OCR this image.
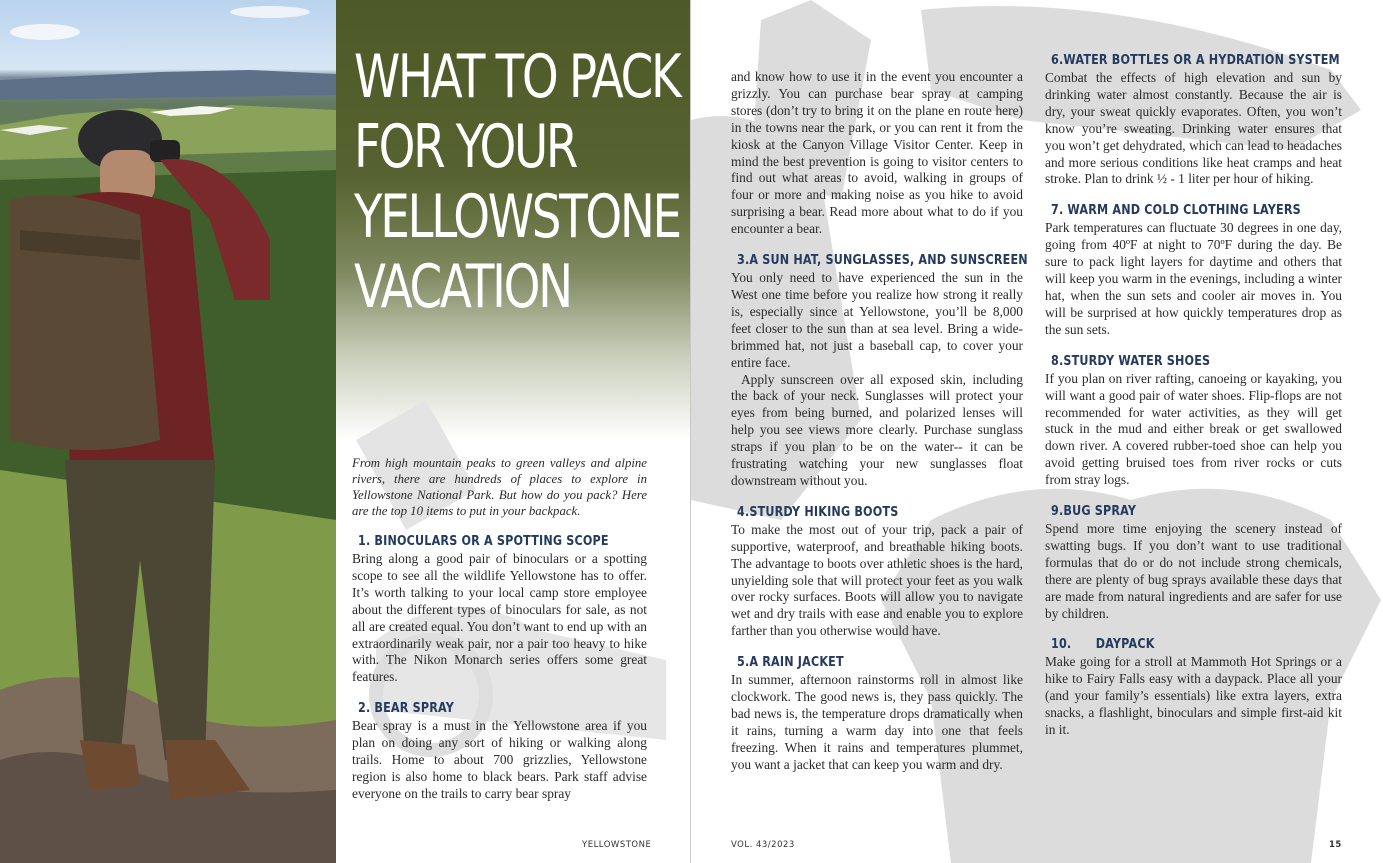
WHAT TO PACK
FOR YOUR
YELLOWSTONE
VACATION

From high mountain peaks to green valleys and alpine rivers, there are hundreds of places to explore in Yellowstone National Park. But how do you pack? Here are the top 10 items to put in your backpack.

1. BINOCULARS OR A SPOTTING SCOPE

Bring along a good pair of binoculars or a spotting scope to see all the wildlife Yellowstone has to offer. It’s worth talking to your local camp store employee about the different types of binoculars for sale, as not all are created equal. You don’t want to end up with an extraordinarily weak pair, nor a pair too heavy to hike with. The Nikon Monarch series offers some great features.

2. BEAR SPRAY

Bear spray is a must in the Yellowstone area if you plan on doing any sort of hiking or walking along trails. Home to about 700 grizzlies, Yellowstone region is also home to black bears. Park staff advise everyone on the trails to carry bear spray

and know how to use it in the event you encounter a grizzly. You can purchase bear spray at camping stores (don’t try to bring it on the plane en route here) in the towns near the park, or you can rent it from the kiosk at the Canyon Village Visitor Center. Keep in mind the best prevention is going to visitor centers to find out what areas to avoid, walking in groups of four or more and making noise as you hike to avoid surprising a bear. Read more about what to do if you encounter a bear.

3.A SUN HAT, SUNGLASSES, AND SUNSCREEN

You only need to have experienced the sun in the West one time before you realize how strong it really is, especially since at Yellowstone, you’ll be 8,000 feet closer to the sun than at sea level. Bring a wide-brimmed hat, not just a baseball cap, to cover your entire face.

Apply sunscreen over all exposed skin, including the back of your neck. Sunglasses will protect your eyes from being burned, and polarized lenses will help you see views more clearly. Purchase sunglass straps if you plan to be on the water-- it can be frustrating watching your new sunglasses float downstream without you.

4.STURDY HIKING BOOTS

To make the most out of your trip, pack a pair of supportive, waterproof, and breathable hiking boots. The advantage to boots over athletic shoes is the hard, unyielding sole that will protect your feet as you walk over rocky surfaces. Boots will allow you to navigate wet and dry trails with ease and enable you to explore farther than you otherwise would have.

5.A RAIN JACKET

In summer, afternoon rainstorms roll in almost like clockwork. The good news is, they pass quickly. The bad news is, the temperature drops dramatically when it rains, turning a warm day into one that feels freezing. When it rains and temperatures plummet, you want a jacket that can keep you warm and dry.

6.WATER BOTTLES OR A HYDRATION SYSTEM

Combat the effects of high elevation and sun by drinking water almost constantly. Because the air is dry, your sweat quickly evaporates. Often, you won’t know you’re sweating. Drinking water ensures that you won’t get dehydrated, which can lead to headaches and more serious conditions like heat cramps and heat stroke. Plan to drink ½ - 1 liter per hour of hiking.

7. WARM AND COLD CLOTHING LAYERS

Park temperatures can fluctuate 30 degrees in one day, going from 40ºF at night to 70ºF during the day. Be sure to pack light layers for daytime and others that will keep you warm in the evenings, including a winter hat, when the sun sets and cooler air moves in. You will be surprised at how quickly temperatures drop as the sun sets.

8.STURDY WATER SHOES

If you plan on river rafting, canoeing or kayaking, you will want a good pair of water shoes. Flip-flops are not recommended for water activities, as they will get stuck in the mud and either break or get swallowed down river. A covered rubber-toed shoe can help you avoid getting bruised toes from river rocks or cuts from stray logs.

9.BUG SPRAY

Spend more time enjoying the scenery instead of swatting bugs. If you don’t want to use traditional formulas that do or do not include strong chemicals, there are plenty of bug sprays available these days that are made from natural ingredients and are safer for use by children.

10.      DAYPACK

Make going for a stroll at Mammoth Hot Springs or a hike to Fairy Falls easy with a daypack. Place all your (and your family’s essentials) like extra layers, extra snacks, a flashlight, binoculars and simple first-aid kit in it.

YELLOWSTONE	VOL. 43/2023	15
